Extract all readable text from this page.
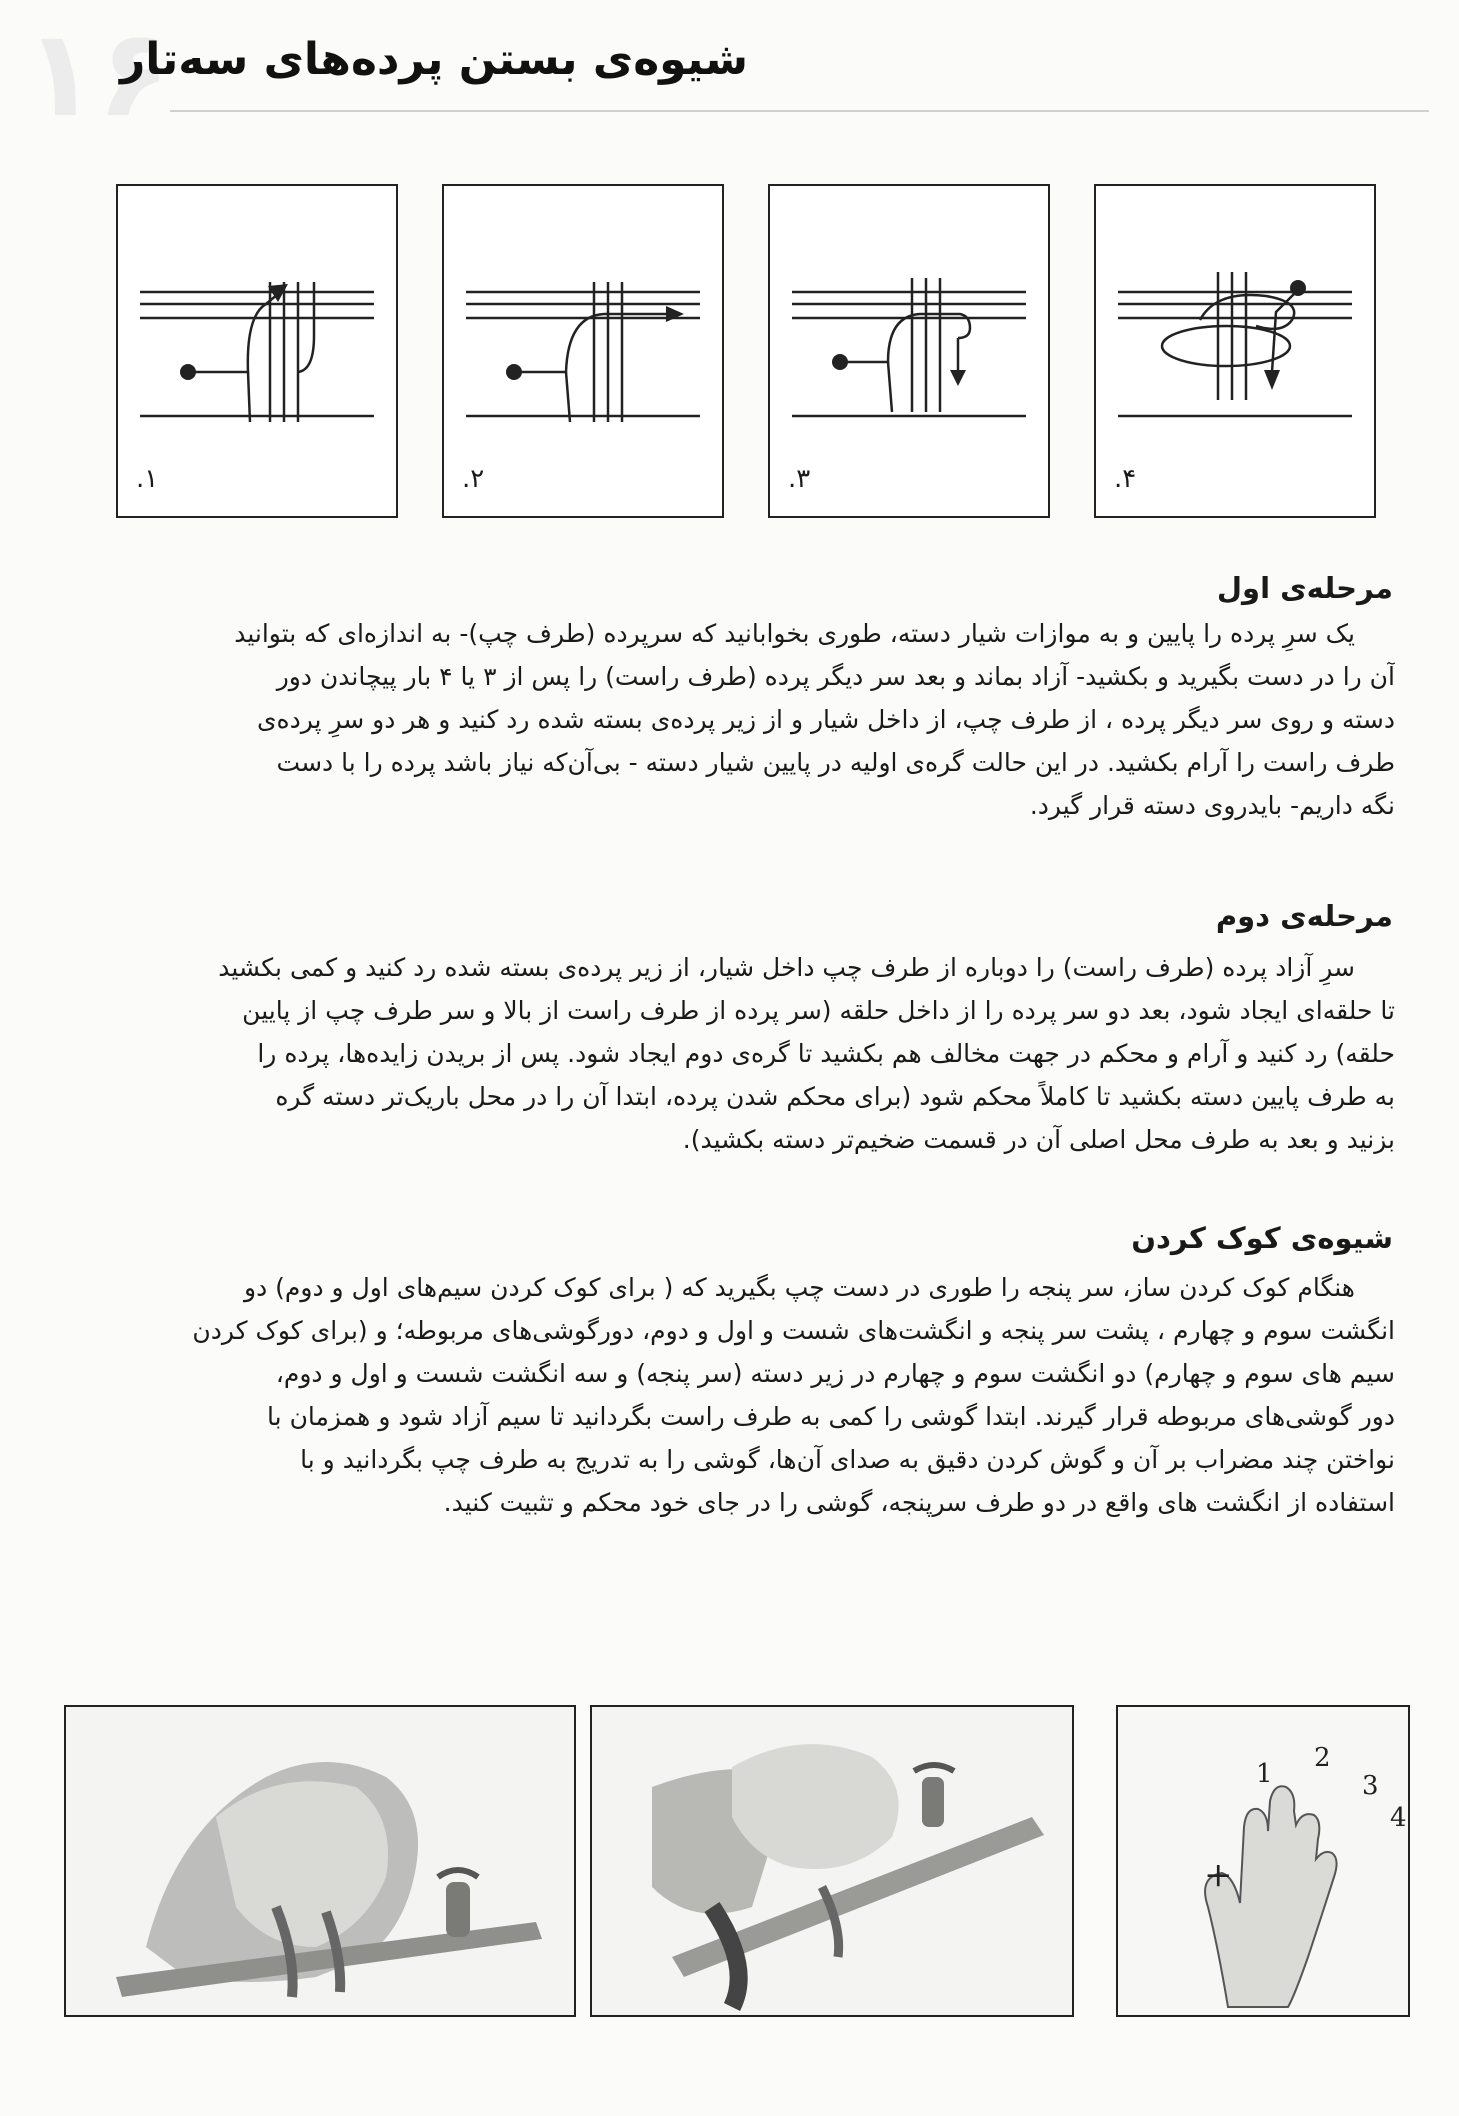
۱۶
شیوه‌ی بستن پرده‌های سه‌تار
۱.	۲.	۳.	۴.
مرحله‌ی اول
یک سرِ پرده را پایین و به موازات شیار دسته، طوری بخوابانید که سرپرده (طرف چپ)- به اندازه‌ای که بتوانید
آن را در دست بگیرید و بکشید- آزاد بماند و بعد سر دیگر پرده (طرف راست) را پس از ۳ یا ۴ بار پیچاندن دور
دسته و روی سر دیگر پرده ، از طرف چپ، از داخل شیار و از زیر پرده‌ی بسته شده رد کنید و هر دو سرِ پرده‌ی
طرف راست را آرام بکشید. در این حالت گره‌ی اولیه در پایین شیار دسته - بی‌آن‌که نیاز باشد پرده را با دست
نگه داریم- بایدروی دسته قرار گیرد.
مرحله‌ی دوم
سرِ آزاد پرده (طرف راست) را دوباره از طرف چپ داخل شیار، از زیر پرده‌ی بسته شده رد کنید و کمی بکشید
تا حلقه‌ای ایجاد شود، بعد دو سر پرده را از داخل حلقه (سر پرده از طرف راست از بالا و سر طرف چپ از پایین
حلقه) رد کنید و آرام و محکم در جهت مخالف هم بکشید تا گره‌ی دوم ایجاد شود. پس از بریدن زایده‌ها، پرده را
به طرف پایین دسته بکشید تا کاملاً محکم شود (برای محکم شدن پرده، ابتدا آن را در محل باریک‌تر دسته گره
بزنید و بعد به طرف محل اصلی آن در قسمت ضخیم‌تر دسته بکشید).
شیوه‌ی کوک کردن
هنگام کوک کردن ساز، سر پنجه را طوری در دست چپ بگیرید که ( برای کوک کردن سیم‌های اول و دوم) دو
انگشت سوم و چهارم ، پشت سر پنجه و انگشت‌های شست و اول و دوم، دورگوشی‌های مربوطه؛ و (برای کوک کردن
سیم های سوم و چهارم) دو انگشت سوم و چهارم در زیر دسته (سر پنجه) و سه انگشت شست و اول و دوم،
دور گوشی‌های مربوطه قرار گیرند. ابتدا گوشی را کمی به طرف راست بگردانید تا سیم آزاد شود و همزمان با
نواختن چند مضراب بر آن و گوش کردن دقیق به صدای آن‌ها، گوشی را به تدریج به طرف چپ بگردانید و با
استفاده از انگشت های واقع در دو طرف سرپنجه، گوشی را در جای خود محکم و تثبیت کنید.
1
2
3
4
+
